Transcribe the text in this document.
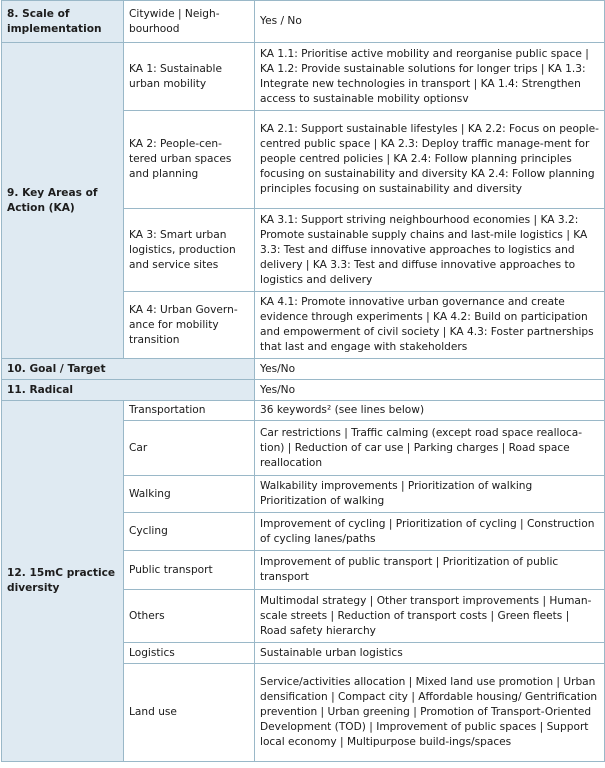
8. Scale of implementation	Citywide | Neigh-bourhood	Yes / No
9. Key Areas of Action (KA)	KA 1: Sustainable urban mobility	KA 1.1: Prioritise active mobility and reorganise public space | KA 1.2: Provide sustainable solutions for longer trips | KA 1.3: Integrate new technologies in transport | KA 1.4: Strengthen access to sustainable mobility optionsv
	KA 2: People-cen-tered urban spaces and planning	KA 2.1: Support sustainable lifestyles | KA 2.2: Focus on people-centred public space | KA 2.3: Deploy traffic manage-ment for people centred policies | KA 2.4: Follow planning principles focusing on sustainability and diversity KA 2.4: Follow planning principles focusing on sustainability and diversity
	KA 3: Smart urban logistics, production and service sites	KA 3.1: Support striving neighbourhood economies | KA 3.2: Promote sustainable supply chains and last-mile logistics | KA 3.3: Test and diffuse innovative approaches to logistics and delivery | KA 3.3: Test and diffuse innovative approaches to logistics and delivery
	KA 4: Urban Govern-ance for mobility transition	KA 4.1: Promote innovative urban governance and create evidence through experiments | KA 4.2: Build on participation and empowerment of civil society | KA 4.3: Foster partnerships that last and engage with stakeholders
10. Goal / Target		Yes/No
11. Radical		Yes/No
12. 15mC practice diversity	Transportation	36 keywords² (see lines below)
	Car	Car restrictions | Traffic calming (except road space realloca-tion) | Reduction of car use | Parking charges | Road space reallocation
	Walking	Walkability improvements | Prioritization of walking Prioritization of walking
	Cycling	Improvement of cycling | Prioritization of cycling | Construction of cycling lanes/paths
	Public transport	Improvement of public transport | Prioritization of public transport
	Others	Multimodal strategy | Other transport improvements | Human-scale streets | Reduction of transport costs | Green fleets | Road safety hierarchy
	Logistics	Sustainable urban logistics
	Land use	Service/activities allocation | Mixed land use promotion | Urban densification | Compact city | Affordable housing/ Gentrification prevention | Urban greening | Promotion of Transport-Oriented Development (TOD) | Improvement of public spaces | Support local economy | Multipurpose build-ings/spaces
